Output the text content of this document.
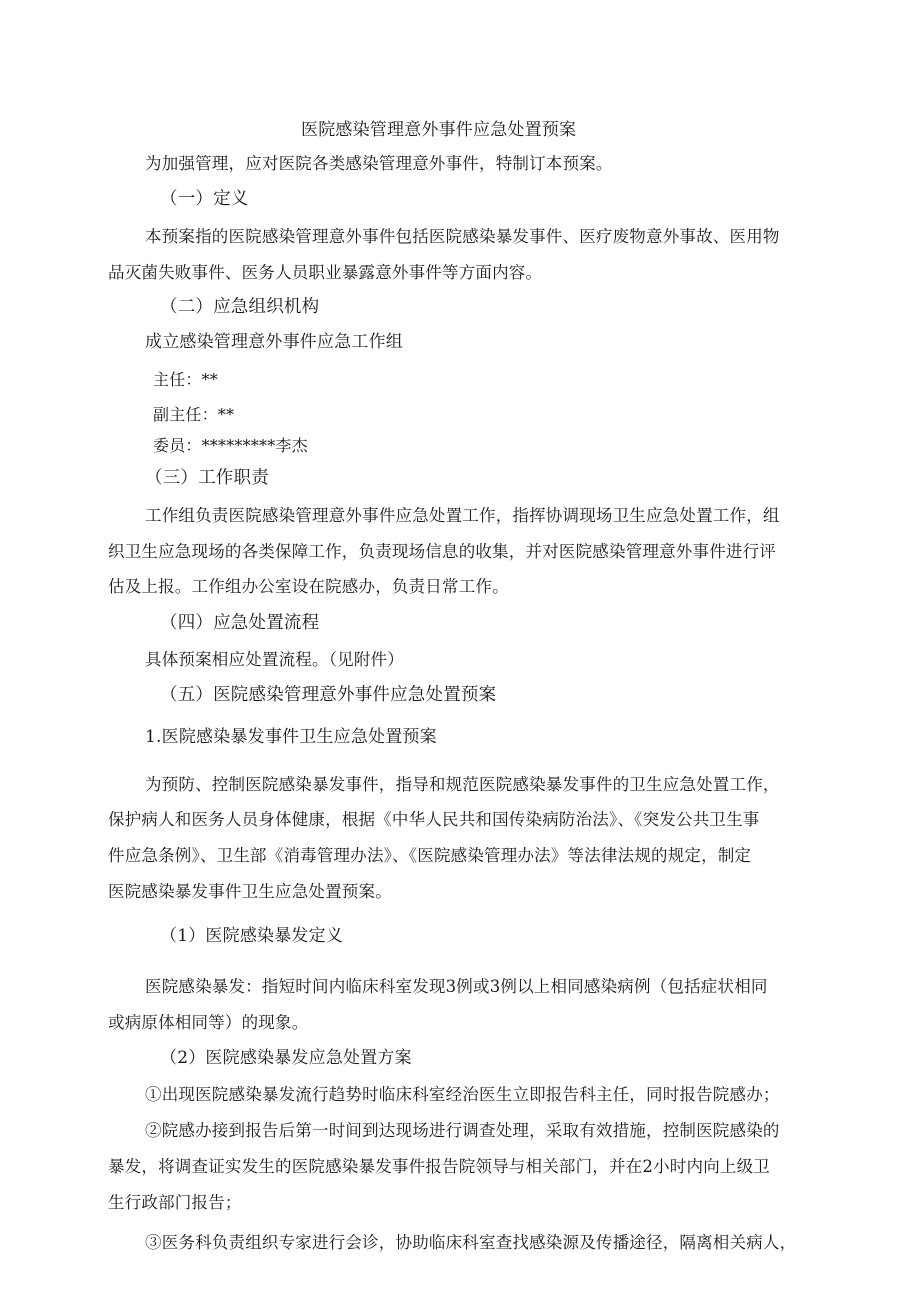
医院感染管理意外事件应急处置预案

为加强管理，应对医院各类感染管理意外事件，特制订本预案。

（一）定义

本预案指的医院感染管理意外事件包括医院感染暴发事件、医疗废物意外事故、医用物

品灭菌失败事件、医务人员职业暴露意外事件等方面内容。

（二）应急组织机构

成立感染管理意外事件应急工作组

主任：**

副主任：**

委员：*********李杰

（三）工作职责

工作组负责医院感染管理意外事件应急处置工作，指挥协调现场卫生应急处置工作，组

织卫生应急现场的各类保障工作，负责现场信息的收集，并对医院感染管理意外事件进行评

估及上报。工作组办公室设在院感办，负责日常工作。

（四）应急处置流程

具体预案相应处置流程。（见附件）

（五）医院感染管理意外事件应急处置预案

1.医院感染暴发事件卫生应急处置预案

为预防、控制医院感染暴发事件，指导和规范医院感染暴发事件的卫生应急处置工作，

保护病人和医务人员身体健康，根据《中华人民共和国传染病防治法》、《突发公共卫生事

件应急条例》、卫生部《消毒管理办法》、《医院感染管理办法》等法律法规的规定，制定

医院感染暴发事件卫生应急处置预案。

（1）医院感染暴发定义

医院感染暴发：指短时间内临床科室发现3例或3例以上相同感染病例（包括症状相同

或病原体相同等）的现象。

（2）医院感染暴发应急处置方案

①出现医院感染暴发流行趋势时临床科室经治医生立即报告科主任，同时报告院感办；

②院感办接到报告后第一时间到达现场进行调查处理，采取有效措施，控制医院感染的

暴发，将调查证实发生的医院感染暴发事件报告院领导与相关部门，并在2小时内向上级卫

生行政部门报告；

③医务科负责组织专家进行会诊，协助临床科室查找感染源及传播途径，隔离相关病人，
